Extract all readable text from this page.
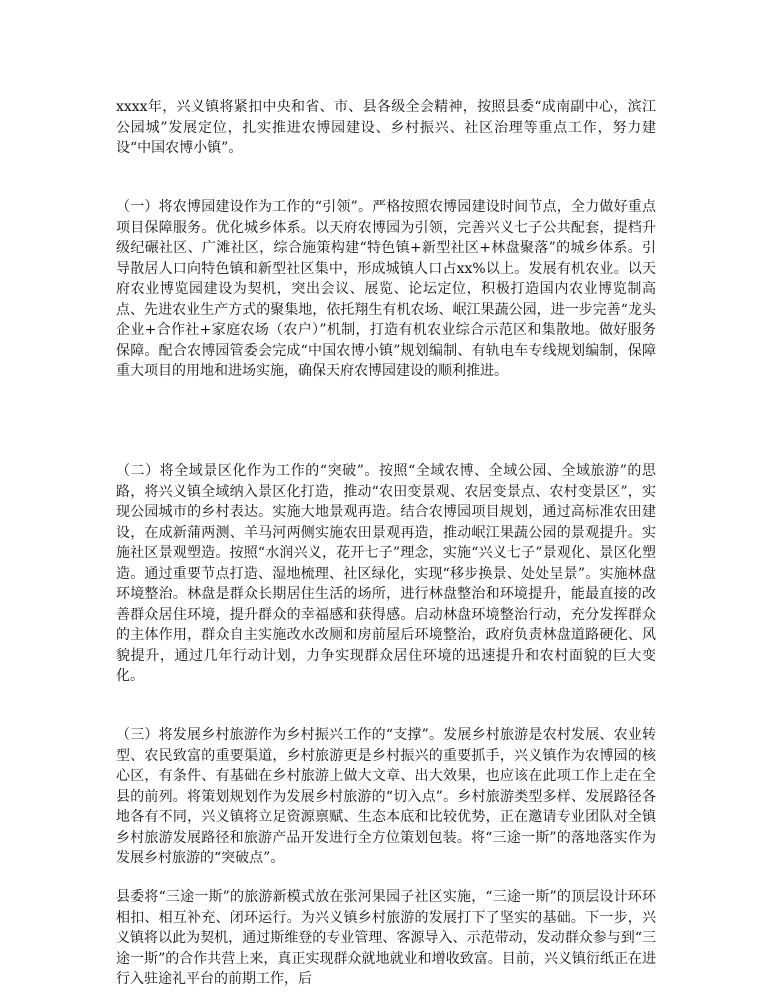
xxxx年，兴义镇将紧扣中央和省、市、县各级全会精神，按照县委“成南副中心，滨江公园城”发展定位，扎实推进农博园建设、乡村振兴、社区治理等重点工作，努力建设“中国农博小镇”。

（一）将农博园建设作为工作的“引领”。严格按照农博园建设时间节点，全力做好重点项目保障服务。优化城乡体系。以天府农博园为引领，完善兴义七子公共配套，提档升级纪碾社区、广滩社区，综合施策构建“特色镇+新型社区+林盘聚落”的城乡体系。引导散居人口向特色镇和新型社区集中，形成城镇人口占xx%以上。发展有机农业。以天府农业博览园建设为契机，突出会议、展览、论坛定位，积极打造国内农业博览制高点、先进农业生产方式的聚集地，依托翔生有机农场、岷江果蔬公园，进一步完善“龙头企业+合作社+家庭农场（农户）”机制，打造有机农业综合示范区和集散地。做好服务保障。配合农博园管委会完成“中国农博小镇”规划编制、有轨电车专线规划编制，保障重大项目的用地和进场实施，确保天府农博园建设的顺利推进。

（二）将全域景区化作为工作的“突破”。按照“全域农博、全域公园、全域旅游”的思路，将兴义镇全域纳入景区化打造，推动“农田变景观、农居变景点、农村变景区”，实现公园城市的乡村表达。实施大地景观再造。结合农博园项目规划，通过高标准农田建设，在成新蒲两测、羊马河两侧实施农田景观再造，推动岷江果蔬公园的景观提升。实施社区景观塑造。按照“水润兴义，花开七子”理念，实施“兴义七子”景观化、景区化塑造。通过重要节点打造、湿地梳理、社区绿化，实现“移步换景、处处呈景”。实施林盘环境整治。林盘是群众长期居住生活的场所，进行林盘整治和环境提升，能最直接的改善群众居住环境，提升群众的幸福感和获得感。启动林盘环境整治行动，充分发挥群众的主体作用，群众自主实施改水改厕和房前屋后环境整治，政府负责林盘道路硬化、风貌提升，通过几年行动计划，力争实现群众居住环境的迅速提升和农村面貌的巨大变化。

（三）将发展乡村旅游作为乡村振兴工作的“支撑”。发展乡村旅游是农村发展、农业转型、农民致富的重要渠道，乡村旅游更是乡村振兴的重要抓手，兴义镇作为农博园的核心区，有条件、有基础在乡村旅游上做大文章、出大效果，也应该在此项工作上走在全县的前列。将策划规划作为发展乡村旅游的“切入点”。乡村旅游类型多样、发展路径各地各有不同，兴义镇将立足资源禀赋、生态本底和比较优势，正在邀请专业团队对全镇乡村旅游发展路径和旅游产品开发进行全方位策划包装。将“三途一斯”的落地落实作为发展乡村旅游的“突破点”。

县委将“三途一斯”的旅游新模式放在张河果园子社区实施，“三途一斯”的顶层设计环环相扣、相互补充、闭环运行。为兴义镇乡村旅游的发展打下了坚实的基础。下一步，兴义镇将以此为契机，通过斯维登的专业管理、客源导入、示范带动，发动群众参与到“三途一斯”的合作共营上来，真正实现群众就地就业和增收致富。目前，兴义镇衍纸正在进行入驻途礼平台的前期工作，后
